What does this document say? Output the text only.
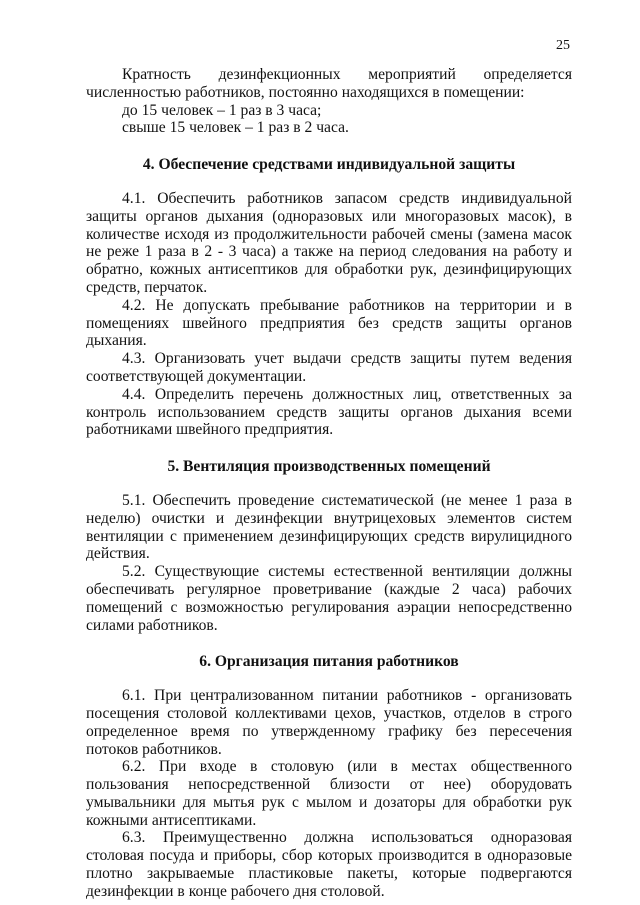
25

Кратность дезинфекционных мероприятий определяется численностью работников, постоянно находящихся в помещении:

до 15 человек – 1 раз в 3 часа;

свыше 15 человек – 1 раз в 2 часа.

4. Обеспечение средствами индивидуальной защиты

4.1. Обеспечить работников запасом средств индивидуальной защиты органов дыхания (одноразовых или многоразовых масок), в количестве исходя из продолжительности рабочей смены (замена масок не реже 1 раза в 2 - 3 часа) а также на период следования на работу и обратно, кожных антисептиков для обработки рук, дезинфицирующих средств, перчаток.

4.2. Не допускать пребывание работников на территории и в помещениях швейного предприятия без средств защиты органов дыхания.

4.3. Организовать учет выдачи средств защиты путем ведения соответствующей документации.

4.4. Определить перечень должностных лиц, ответственных за контроль использованием средств защиты органов дыхания всеми работниками швейного предприятия.

5. Вентиляция производственных помещений

5.1. Обеспечить проведение систематической (не менее 1 раза в неделю) очистки и дезинфекции внутрицеховых элементов систем вентиляции с применением дезинфицирующих средств вирулицидного действия.

5.2. Существующие системы естественной вентиляции должны обеспечивать регулярное проветривание (каждые 2 часа) рабочих помещений с возможностью регулирования аэрации непосредственно силами работников.

6. Организация питания работников

6.1. При централизованном питании работников - организовать посещения столовой коллективами цехов, участков, отделов в строго определенное время по утвержденному графику без пересечения потоков работников.

6.2. При входе в столовую (или в местах общественного пользования непосредственной близости от нее) оборудовать умывальники для мытья рук с мылом и дозаторы для обработки рук кожными антисептиками.

6.3. Преимущественно должна использоваться одноразовая столовая посуда и приборы, сбор которых производится в одноразовые плотно закрываемые пластиковые пакеты, которые подвергаются дезинфекции в конце рабочего дня столовой.
